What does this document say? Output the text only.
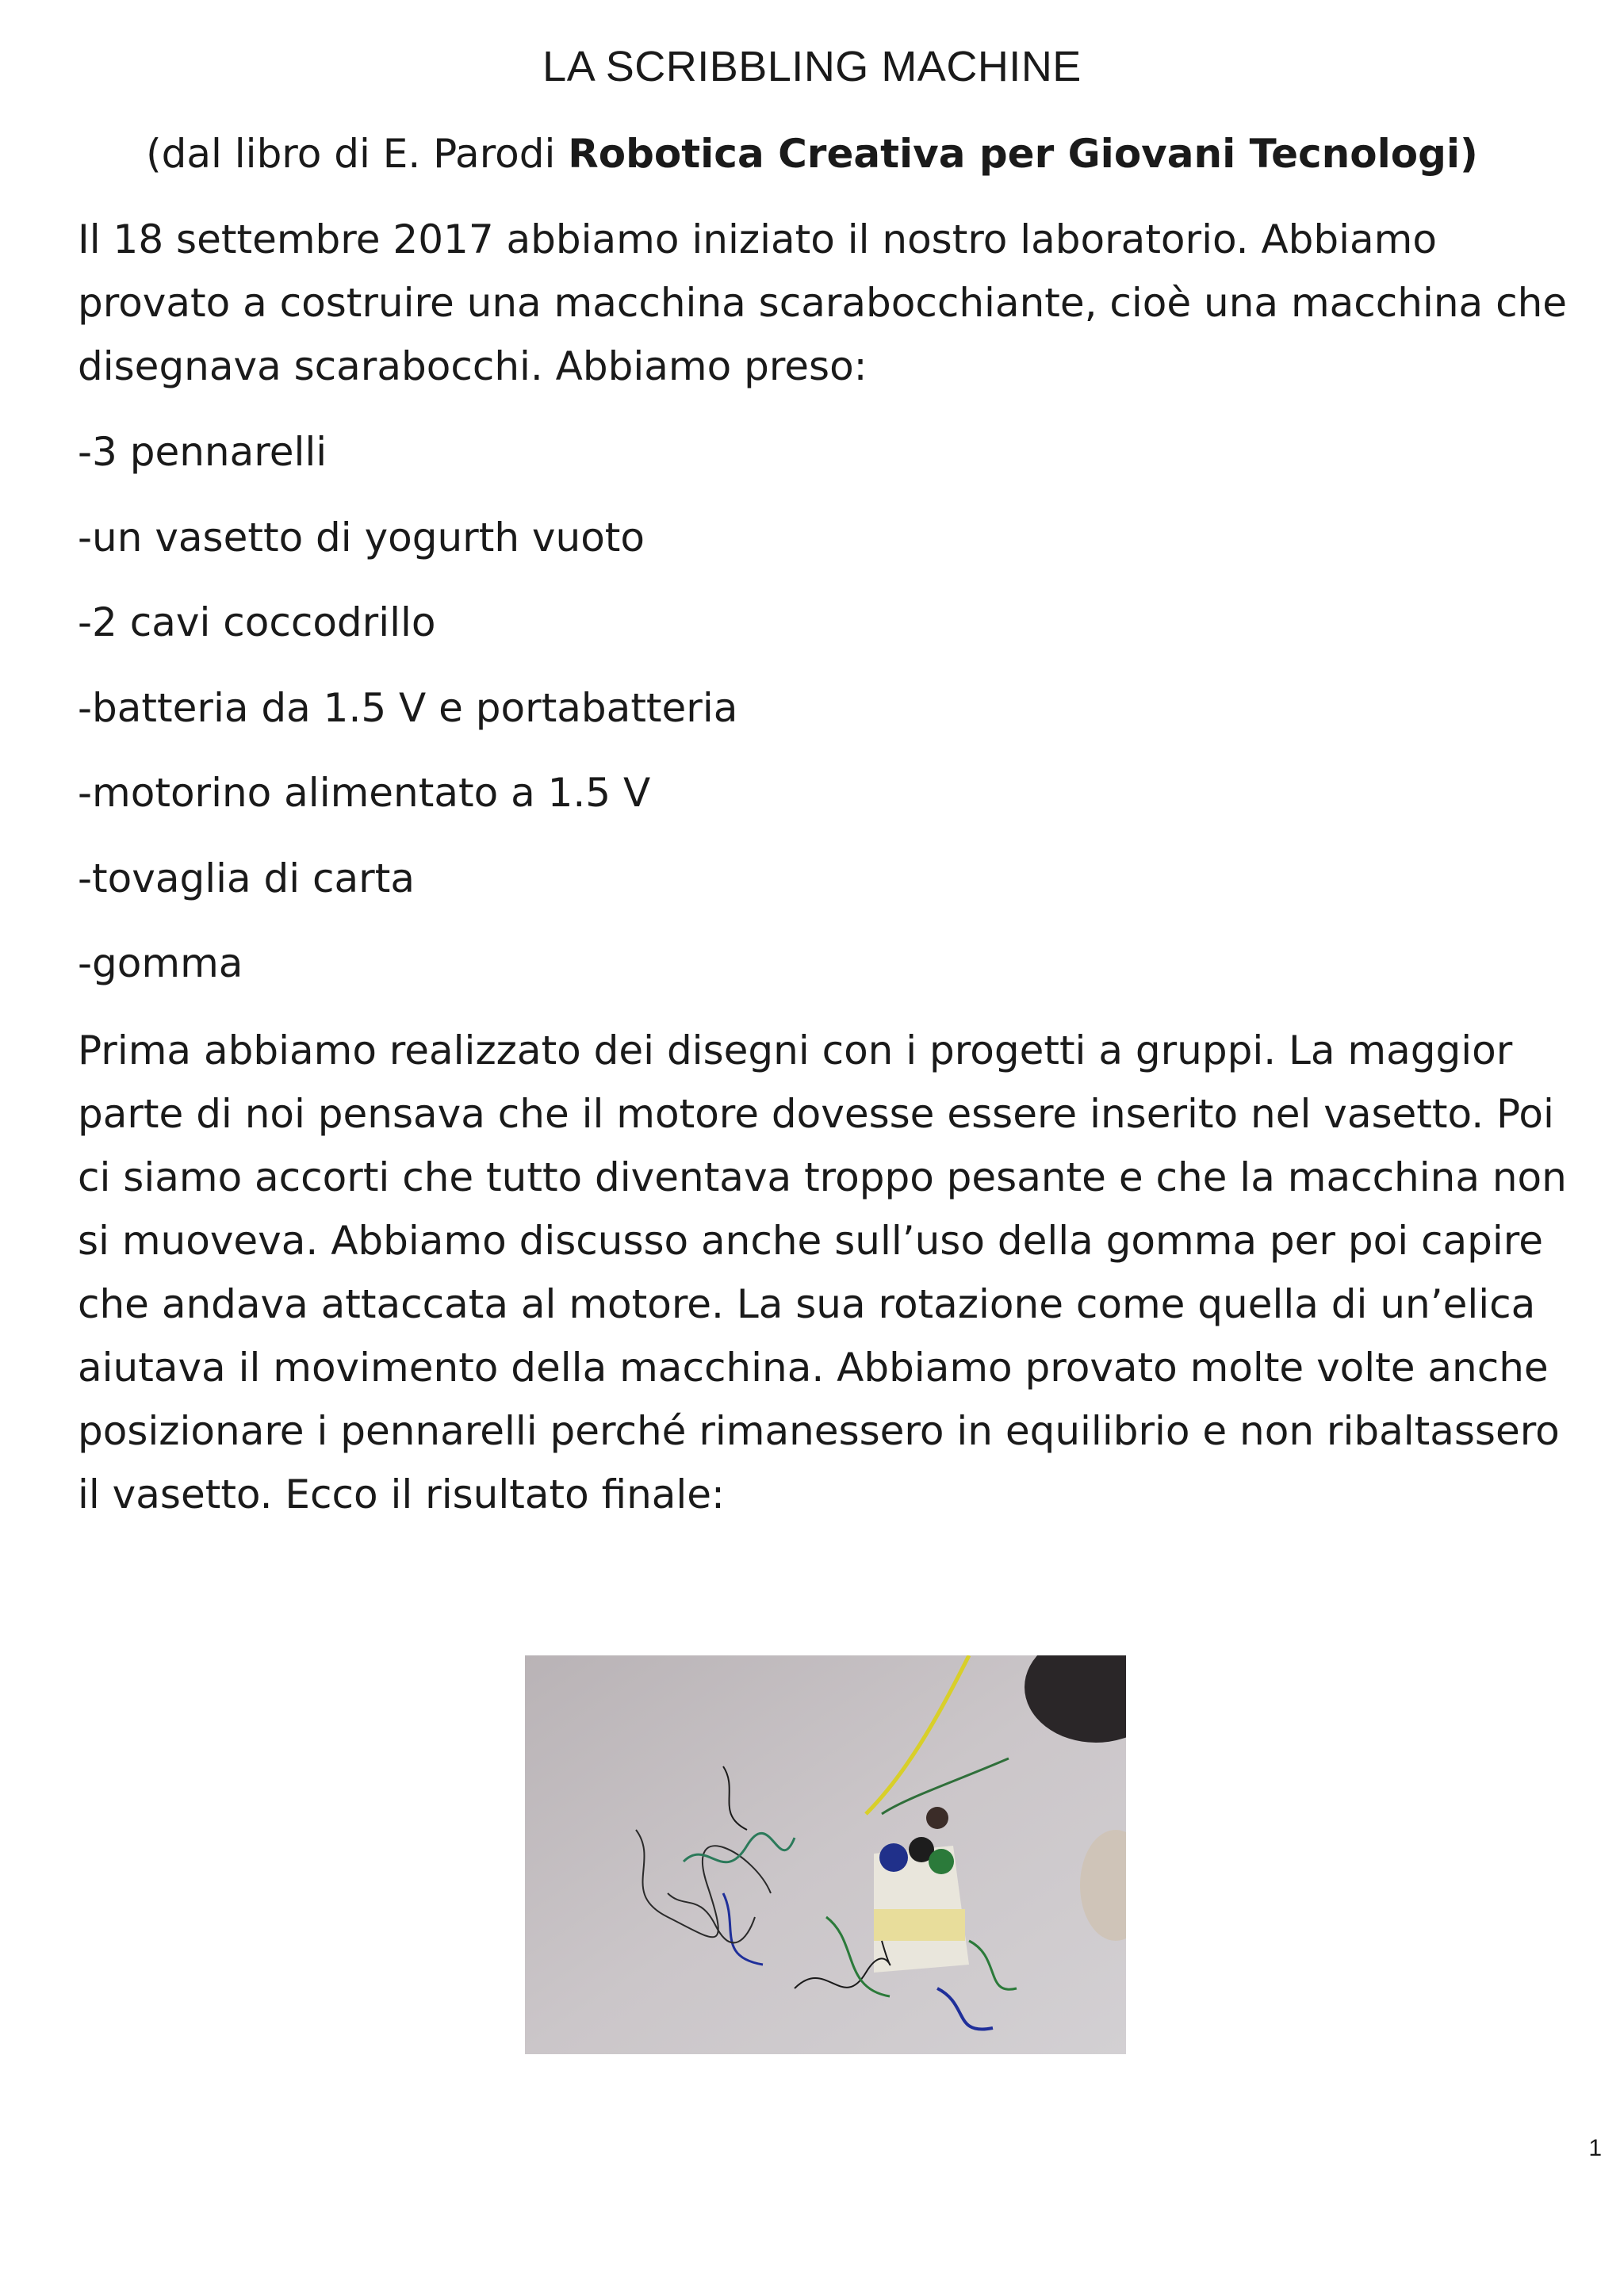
LA SCRIBBLING MACHINE
(dal libro di E. Parodi Robotica Creativa per Giovani Tecnologi)
Il 18 settembre 2017 abbiamo iniziato il nostro laboratorio. Abbiamo provato a costruire una macchina scarabocchiante, cioè una macchina che disegnava scarabocchi. Abbiamo preso:
-3 pennarelli
-un vasetto di yogurth vuoto
-2 cavi coccodrillo
-batteria da 1.5 V e portabatteria
-motorino alimentato a 1.5 V
-tovaglia di carta
-gomma
Prima abbiamo realizzato dei disegni con i progetti a gruppi. La maggior parte di noi pensava che il motore dovesse essere inserito nel vasetto. Poi ci siamo accorti che tutto diventava troppo pesante e che la macchina non si muoveva. Abbiamo discusso anche sull’uso della gomma per poi capire che andava attaccata al motore. La sua rotazione come quella di un’elica aiutava il movimento della macchina. Abbiamo provato molte volte anche posizionare i pennarelli perché rimanessero in equilibrio e non ribaltassero il vasetto. Ecco il risultato finale:
1
